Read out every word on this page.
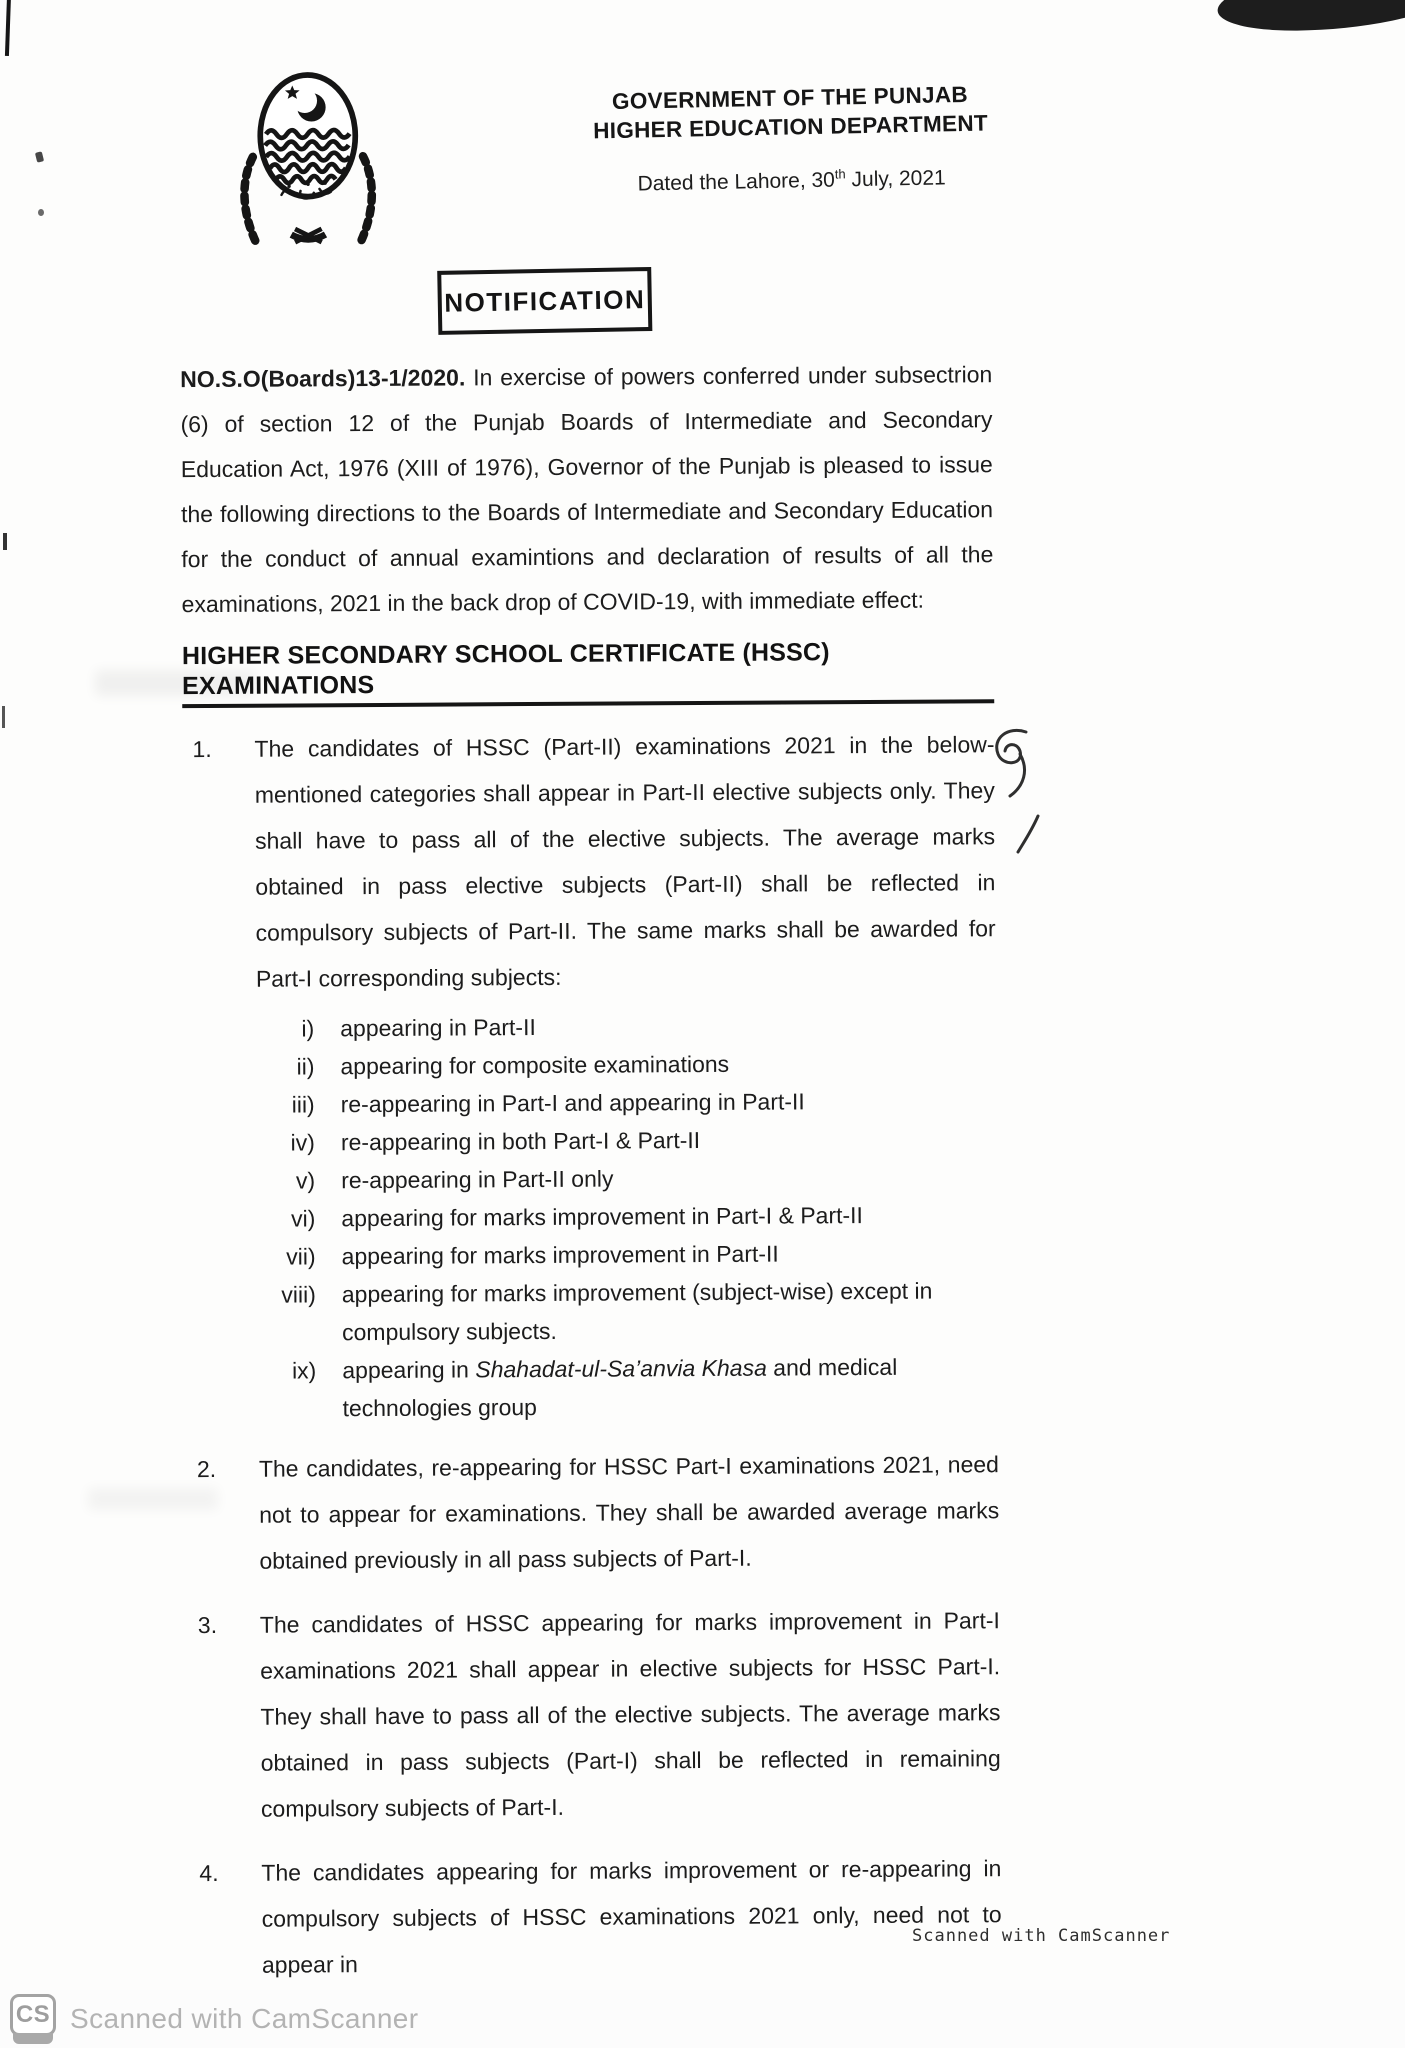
GOVERNMENT OF THE PUNJAB
HIGHER EDUCATION DEPARTMENT
Dated the Lahore, 30th July, 2021
NOTIFICATION

NO.S.O(Boards)13-1/2020. In exercise of powers conferred under subsectrion (6) of section 12 of the Punjab Boards of Intermediate and Secondary Education Act, 1976 (XIII of 1976), Governor of the Punjab is pleased to issue the following directions to the Boards of Intermediate and Secondary Education for the conduct of annual examintions and declaration of results of all the examinations, 2021 in the back drop of COVID-19, with immediate effect:

HIGHER SECONDARY SCHOOL CERTIFICATE (HSSC) EXAMINATIONS
1.	The candidates of HSSC (Part-II) examinations 2021 in the below-mentioned categories shall appear in Part-II elective subjects only. They shall have to pass all of the elective subjects. The average marks obtained in pass elective subjects (Part-II) shall be reflected in compulsory subjects of Part-II. The same marks shall be awarded for Part-I corresponding subjects:
i) appearing in Part-II
ii) appearing for composite examinations
iii) re-appearing in Part-I and appearing in Part-II
iv) re-appearing in both Part-I & Part-II
v) re-appearing in Part-II only
vi) appearing for marks improvement in Part-I & Part-II
vii) appearing for marks improvement in Part-II
viii) appearing for marks improvement (subject-wise) except in compulsory subjects.
ix) appearing in Shahadat-ul-Sa’anvia Khasa and medical technologies group
2.	The candidates, re-appearing for HSSC Part-I examinations 2021, need not to appear for examinations. They shall be awarded average marks obtained previously in all pass subjects of Part-I.
3.	The candidates of HSSC appearing for marks improvement in Part-I examinations 2021 shall appear in elective subjects for HSSC Part-I. They shall have to pass all of the elective subjects. The average marks obtained in pass subjects (Part-I) shall be reflected in remaining compulsory subjects of Part-I.
4.	The candidates appearing for marks improvement or re-appearing in compulsory subjects of HSSC examinations 2021 only, need not to appear in
Scanned with CamScanner
CS Scanned with CamScanner
